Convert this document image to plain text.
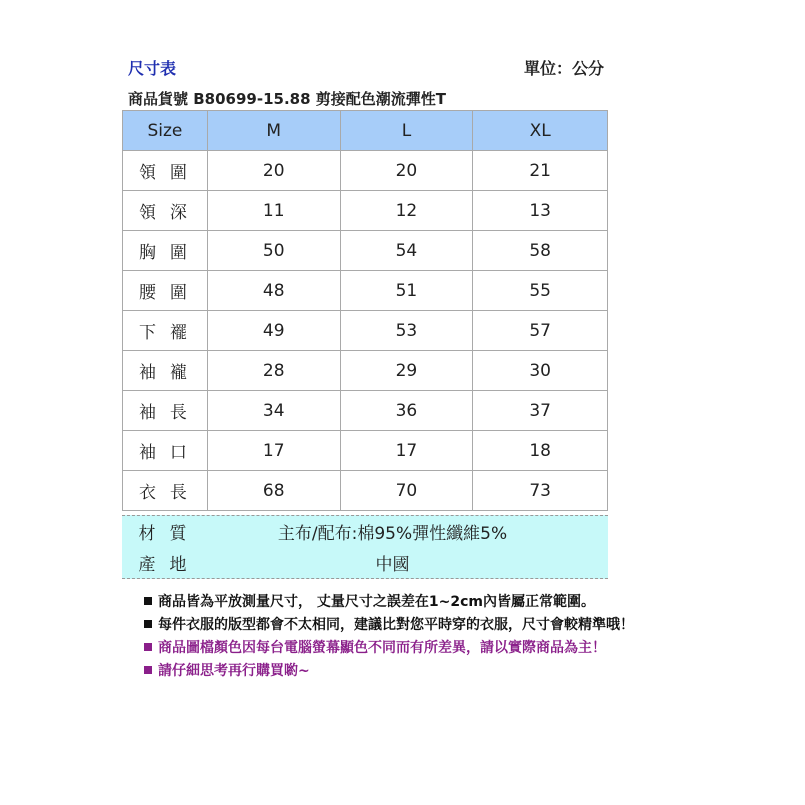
尺寸表	單位：公分
商品貨號 B80699-15.88 剪接配色潮流彈性T
Size	M	L	XL
領圍	20	20	21
領深	11	12	13
胸圍	50	54	58
腰圍	48	51	55
下襬	49	53	57
袖襱	28	29	30
袖長	34	36	37
袖口	17	17	18
衣長	68	70	73
材質	主布/配布:棉95%彈性纖維5%
產地	中國
商品皆為平放測量尺寸， 丈量尺寸之誤差在1~2cm內皆屬正常範圍。
每件衣服的版型都會不太相同，建議比對您平時穿的衣服，尺寸會較精準哦！
商品圖檔顏色因每台電腦螢幕顯色不同而有所差異，請以實際商品為主！
請仔細思考再行購買喲~
